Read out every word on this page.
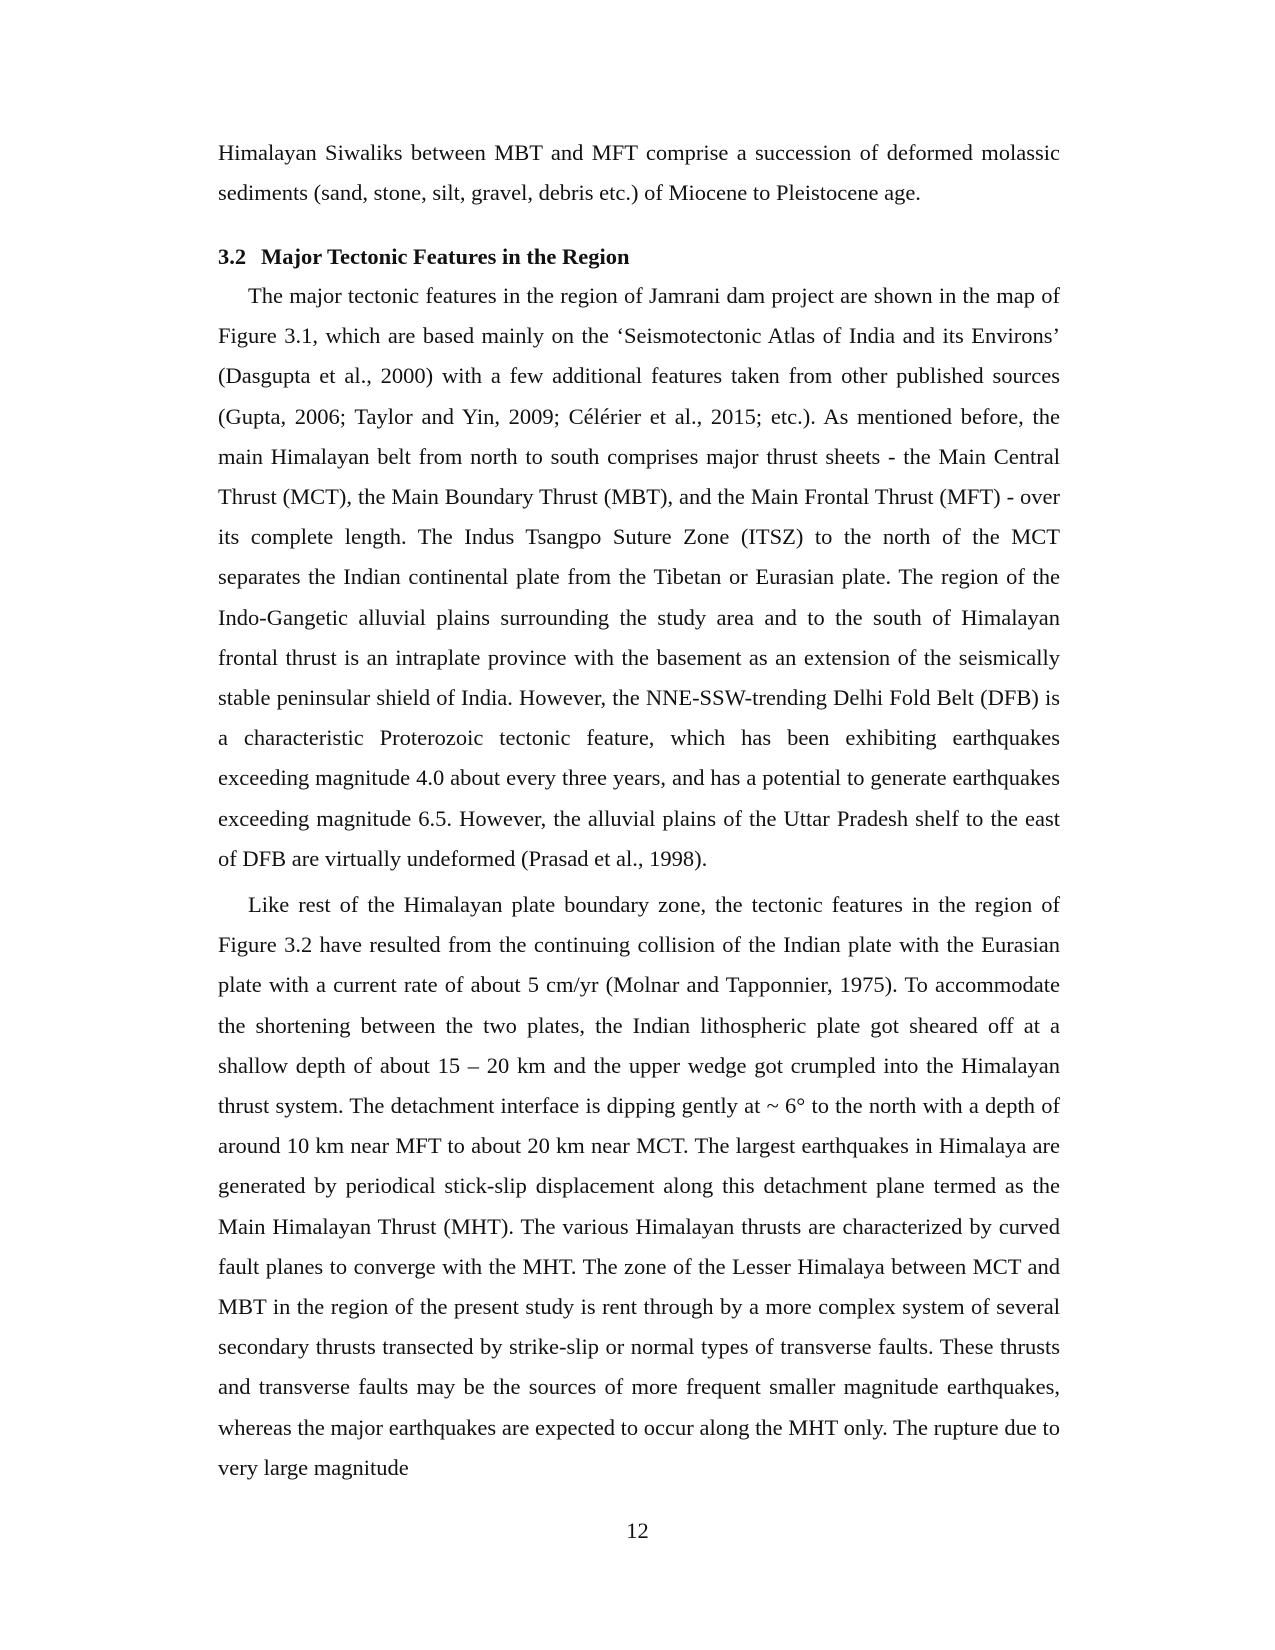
Himalayan Siwaliks between MBT and MFT comprise a succession of deformed molassic sediments (sand, stone, silt, gravel, debris etc.) of Miocene to Pleistocene age.

3.2 Major Tectonic Features in the Region

The major tectonic features in the region of Jamrani dam project are shown in the map of Figure 3.1, which are based mainly on the ‘Seismotectonic Atlas of India and its Environs’ (Dasgupta et al., 2000) with a few additional features taken from other published sources (Gupta, 2006; Taylor and Yin, 2009; Célérier et al., 2015; etc.). As mentioned before, the main Himalayan belt from north to south comprises major thrust sheets - the Main Central Thrust (MCT), the Main Boundary Thrust (MBT), and the Main Frontal Thrust (MFT) - over its complete length. The Indus Tsangpo Suture Zone (ITSZ) to the north of the MCT separates the Indian continental plate from the Tibetan or Eurasian plate. The region of the Indo-Gangetic alluvial plains surrounding the study area and to the south of Himalayan frontal thrust is an intraplate province with the basement as an extension of the seismically stable peninsular shield of India. However, the NNE-SSW-trending Delhi Fold Belt (DFB) is a characteristic Proterozoic tectonic feature, which has been exhibiting earthquakes exceeding magnitude 4.0 about every three years, and has a potential to generate earthquakes exceeding magnitude 6.5. However, the alluvial plains of the Uttar Pradesh shelf to the east of DFB are virtually undeformed (Prasad et al., 1998).

Like rest of the Himalayan plate boundary zone, the tectonic features in the region of Figure 3.2 have resulted from the continuing collision of the Indian plate with the Eurasian plate with a current rate of about 5 cm/yr (Molnar and Tapponnier, 1975). To accommodate the shortening between the two plates, the Indian lithospheric plate got sheared off at a shallow depth of about 15 – 20 km and the upper wedge got crumpled into the Himalayan thrust system. The detachment interface is dipping gently at ~ 6° to the north with a depth of around 10 km near MFT to about 20 km near MCT. The largest earthquakes in Himalaya are generated by periodical stick-slip displacement along this detachment plane termed as the Main Himalayan Thrust (MHT). The various Himalayan thrusts are characterized by curved fault planes to converge with the MHT. The zone of the Lesser Himalaya between MCT and MBT in the region of the present study is rent through by a more complex system of several secondary thrusts transected by strike-slip or normal types of transverse faults. These thrusts and transverse faults may be the sources of more frequent smaller magnitude earthquakes, whereas the major earthquakes are expected to occur along the MHT only. The rupture due to very large magnitude

12
